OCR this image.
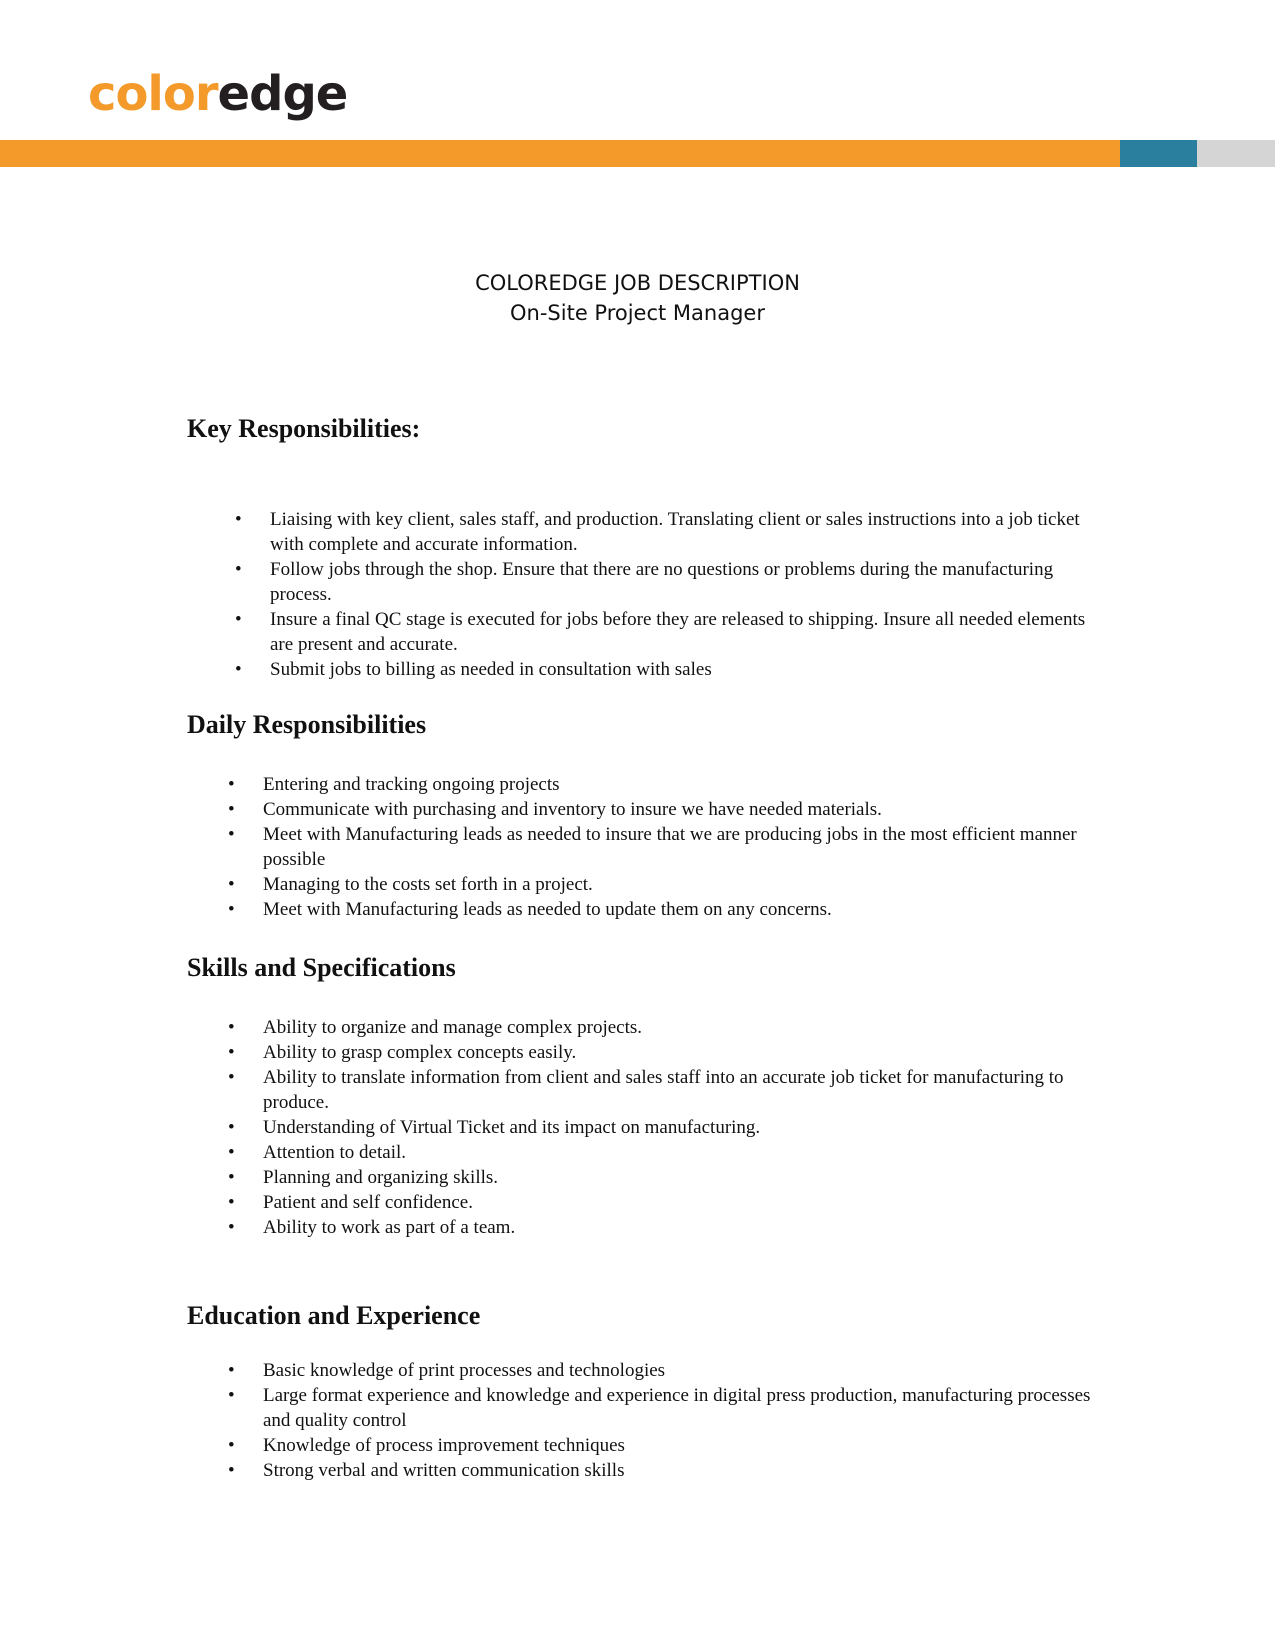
coloredge
COLOREDGE JOB DESCRIPTION
On-Site Project Manager
Key Responsibilities:
• Liaising with key client, sales staff, and production. Translating client or sales instructions into a job ticket with complete and accurate information.
• Follow jobs through the shop. Ensure that there are no questions or problems during the manufacturing process.
• Insure a final QC stage is executed for jobs before they are released to shipping. Insure all needed elements are present and accurate.
• Submit jobs to billing as needed in consultation with sales
Daily Responsibilities
• Entering and tracking ongoing projects
• Communicate with purchasing and inventory to insure we have needed materials.
• Meet with Manufacturing leads as needed to insure that we are producing jobs in the most efficient manner possible
• Managing to the costs set forth in a project.
• Meet with Manufacturing leads as needed to update them on any concerns.
Skills and Specifications
• Ability to organize and manage complex projects.
• Ability to grasp complex concepts easily.
• Ability to translate information from client and sales staff into an accurate job ticket for manufacturing to produce.
• Understanding of Virtual Ticket and its impact on manufacturing.
• Attention to detail.
• Planning and organizing skills.
• Patient and self confidence.
• Ability to work as part of a team.
Education and Experience
• Basic knowledge of print processes and technologies
• Large format experience and knowledge and experience in digital press production, manufacturing processes and quality control
• Knowledge of process improvement techniques
• Strong verbal and written communication skills
